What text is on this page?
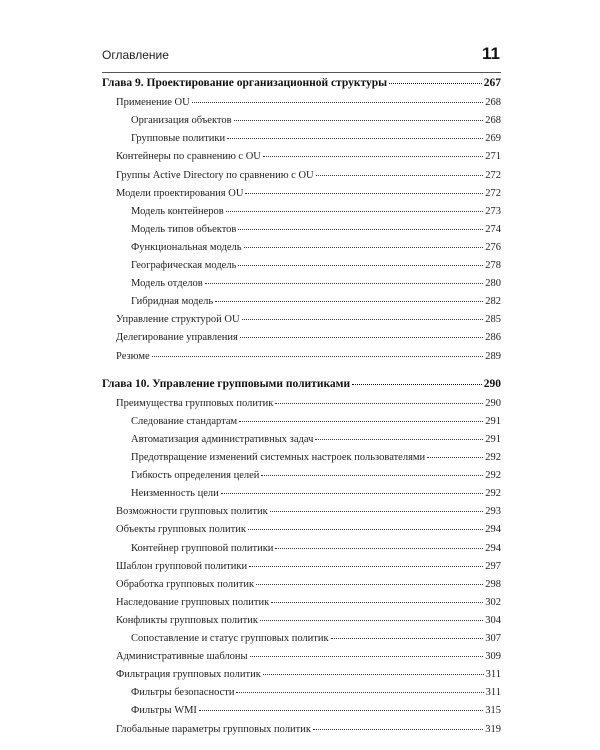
Оглавление	11
Глава 9. Проектирование организационной структуры	267
Применение OU	268
Организация объектов	268
Групповые политики	269
Контейнеры по сравнению с OU	271
Группы Active Directory по сравнению с OU	272
Модели проектирования OU	272
Модель контейнеров	273
Модель типов объектов	274
Функциональная модель	276
Географическая модель	278
Модель отделов	280
Гибридная модель	282
Управление структурой OU	285
Делегирование управления	286
Резюме	289
Глава 10. Управление групповыми политиками	290
Преимущества групповых политик	290
Следование стандартам	291
Автоматизация административных задач	291
Предотвращение изменений системных настроек пользователями	292
Гибкость определения целей	292
Неизменность цели	292
Возможности групповых политик	293
Объекты групповых политик	294
Контейнер групповой политики	294
Шаблон групповой политики	297
Обработка групповых политик	298
Наследование групповых политик	302
Конфликты групповых политик	304
Сопоставление и статус групповых политик	307
Административные шаблоны	309
Фильтрация групповых политик	311
Фильтры безопасности	311
Фильтры WMI	315
Глобальные параметры групповых политик	319
